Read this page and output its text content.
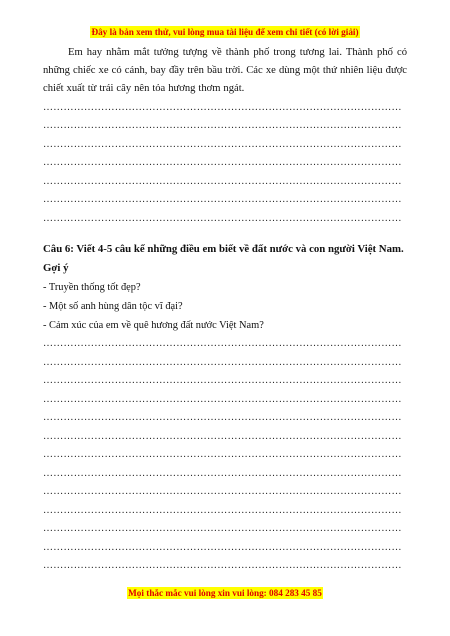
Đây là bản xem thử, vui lòng mua tài liệu để xem chi tiết (có lời giải)

Em hay nhằm mắt tưởng tượng về thành phố trong tương lai. Thành phố có những chiếc xe có cánh, bay đầy trên bầu trời. Các xe dùng một thứ nhiên liệu được chiết xuất từ trái cây nên tỏa hương thơm ngát.

……………………………………………………………………………………………
……………………………………………………………………………………………
……………………………………………………………………………………………
……………………………………………………………………………………………
……………………………………………………………………………………………
……………………………………………………………………………………………
……………………………………………………………………………………………
Câu 6: Viết 4-5 câu kể những điều em biết về đất nước và con người Việt Nam.
Gợi ý
- Truyền thống tốt đẹp?
- Một số anh hùng dân tộc vĩ đại?
- Cảm xúc của em về quê hương đất nước Việt Nam?
……………………………………………………………………………………………
……………………………………………………………………………………………
……………………………………………………………………………………………
……………………………………………………………………………………………
……………………………………………………………………………………………
……………………………………………………………………………………………
……………………………………………………………………………………………
……………………………………………………………………………………………
……………………………………………………………………………………………
……………………………………………………………………………………………
……………………………………………………………………………………………
……………………………………………………………………………………………
……………………………………………………………………………………………
Mọi thắc mắc vui lòng xin vui lòng: 084 283 45 85
